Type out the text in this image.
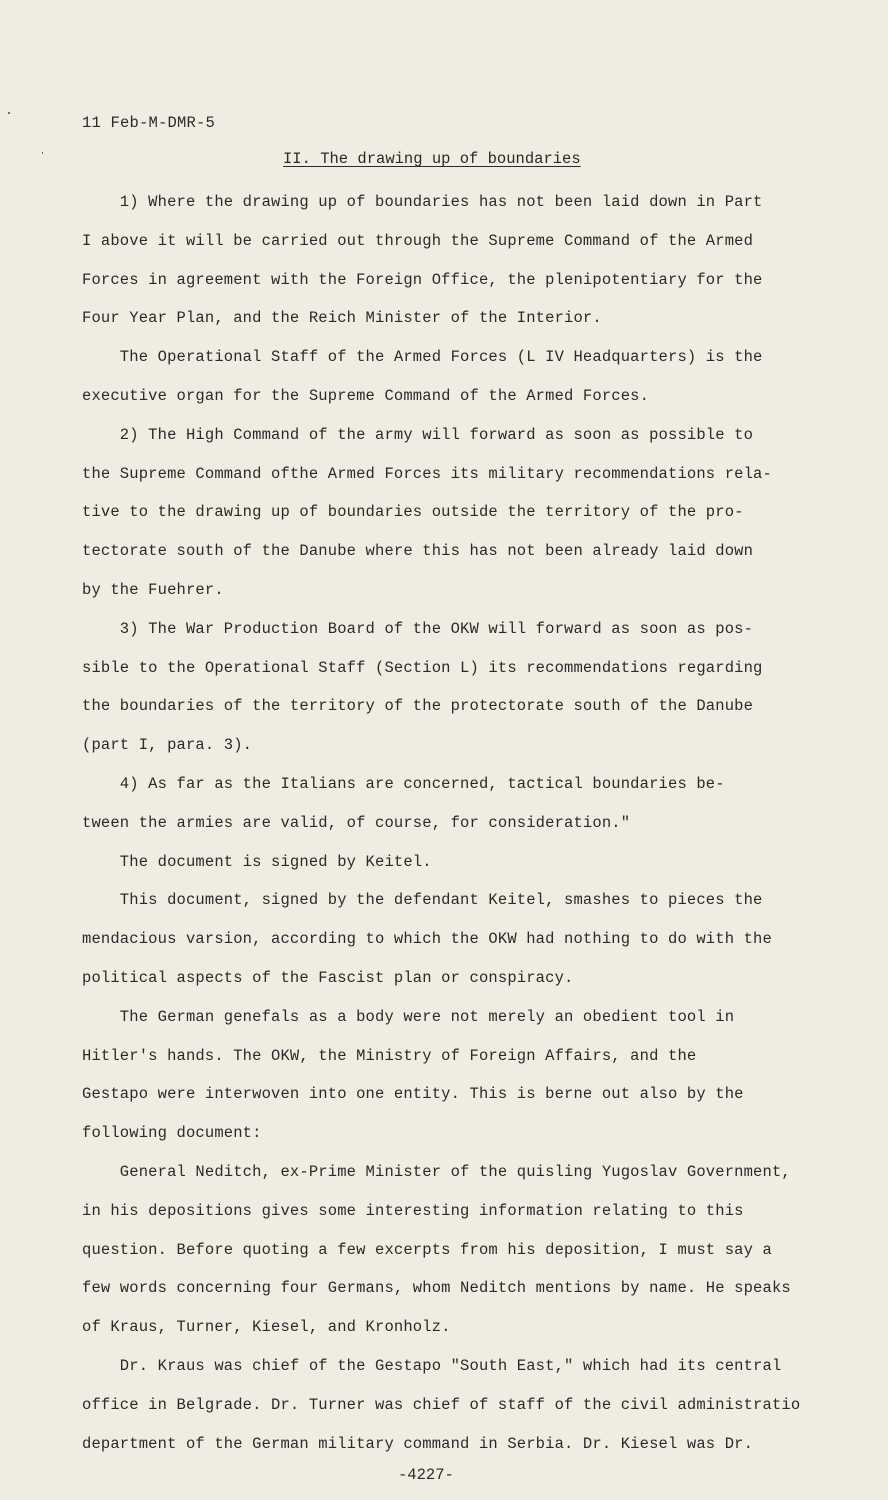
11 Feb-M-DMR-5
II. The drawing up of boundaries
1) Where the drawing up of boundaries has not been laid down in Part
I above it will be carried out through the Supreme Command of the Armed
Forces in agreement with the Foreign Office, the plenipotentiary for the
Four Year Plan, and the Reich Minister of the Interior.
The Operational Staff of the Armed Forces (L IV Headquarters) is the
executive organ for the Supreme Command of the Armed Forces.
2) The High Command of the army will forward as soon as possible to
the Supreme Command ofthe Armed Forces its military recommendations rela-
tive to the drawing up of boundaries outside the territory of the pro-
tectorate south of the Danube where this has not been already laid down
by the Fuehrer.
3) The War Production Board of the OKW will forward as soon as pos-
sible to the Operational Staff (Section L) its recommendations regarding
the boundaries of the territory of the protectorate south of the Danube
(part I, para. 3).
4) As far as the Italians are concerned, tactical boundaries be-
tween the armies are valid, of course, for consideration."
The document is signed by Keitel.
This document, signed by the defendant Keitel, smashes to pieces the
mendacious varsion, according to which the OKW had nothing to do with the
political aspects of the Fascist plan or conspiracy.
The German genefals as a body were not merely an obedient tool in
Hitler's hands. The OKW, the Ministry of Foreign Affairs, and the
Gestapo were interwoven into one entity. This is berne out also by the
following document:
General Neditch, ex-Prime Minister of the quisling Yugoslav Government,
in his depositions gives some interesting information relating to this
question. Before quoting a few excerpts from his deposition, I must say a
few words concerning four Germans, whom Neditch mentions by name. He speaks
of Kraus, Turner, Kiesel, and Kronholz.
Dr. Kraus was chief of the Gestapo "South East," which had its central
office in Belgrade. Dr. Turner was chief of staff of the civil administratio
department of the German military command in Serbia. Dr. Kiesel was Dr.
-4227-
